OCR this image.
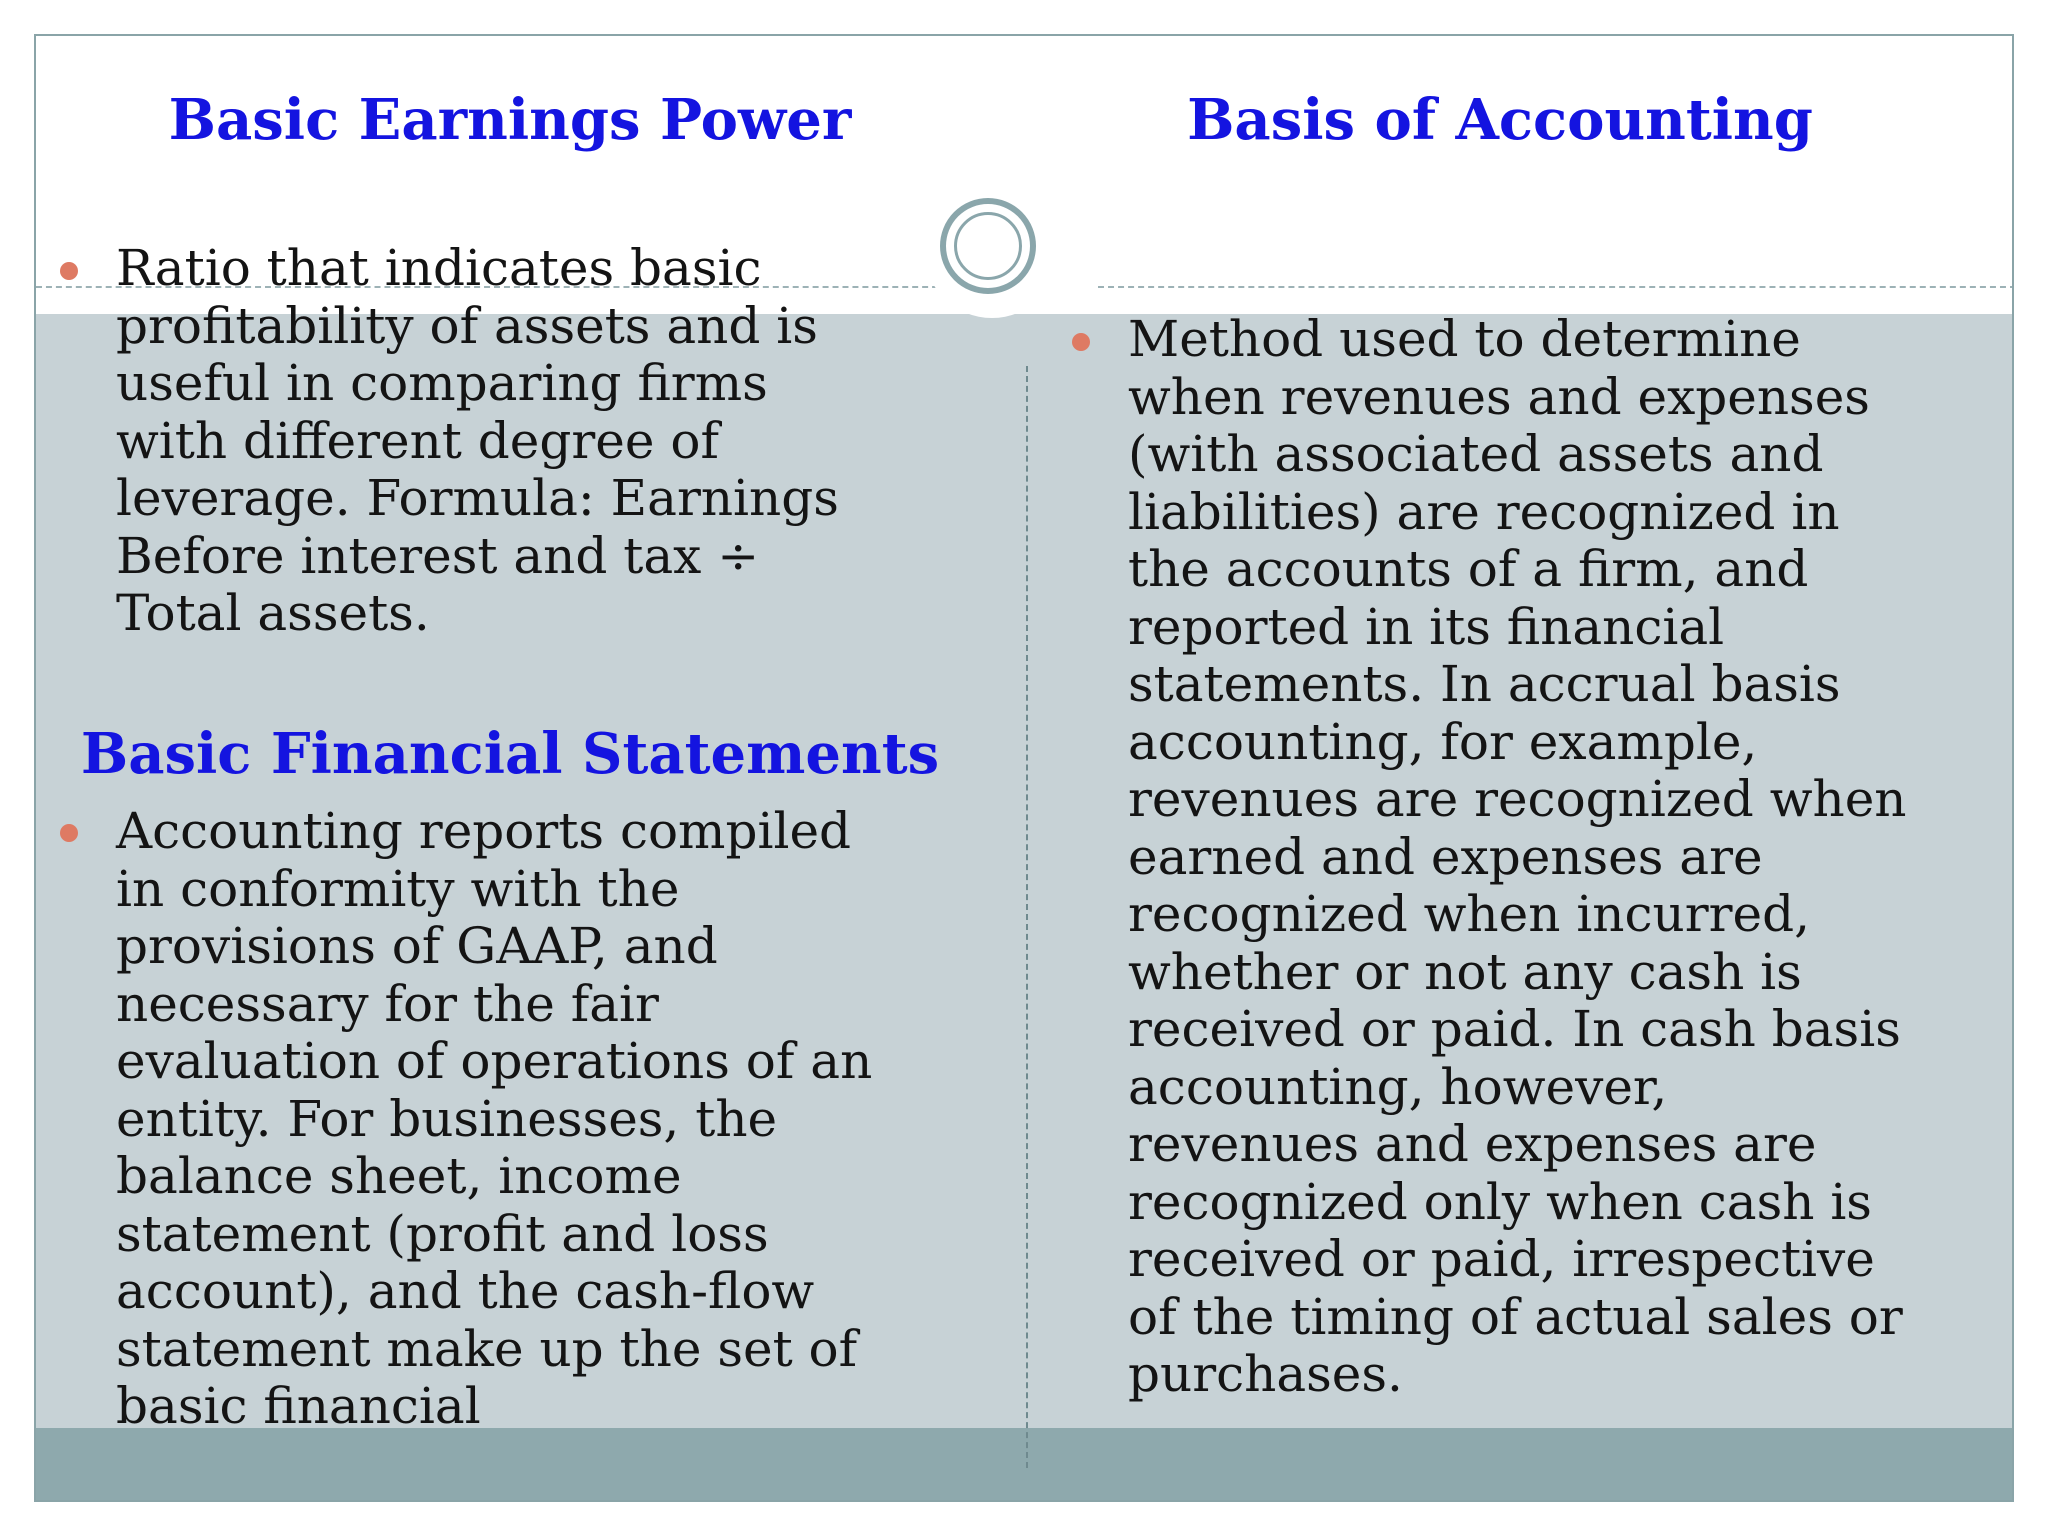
Basic Earnings Power	Basis of Accounting

Ratio that indicates basic
profitability of assets and is
useful in comparing firms
with different degree of
leverage. Formula: Earnings
Before interest and tax ÷
Total assets.

Basic Financial Statements

Accounting reports compiled
in conformity with the
provisions of GAAP, and
necessary for the fair
evaluation of operations of an
entity. For businesses, the
balance sheet, income
statement (profit and loss
account), and the cash-flow
statement make up the set of
basic financial

Method used to determine
when revenues and expenses
(with associated assets and
liabilities) are recognized in
the accounts of a firm, and
reported in its financial
statements. In accrual basis
accounting, for example,
revenues are recognized when
earned and expenses are
recognized when incurred,
whether or not any cash is
received or paid. In cash basis
accounting, however,
revenues and expenses are
recognized only when cash is
received or paid, irrespective
of the timing of actual sales or
purchases.
